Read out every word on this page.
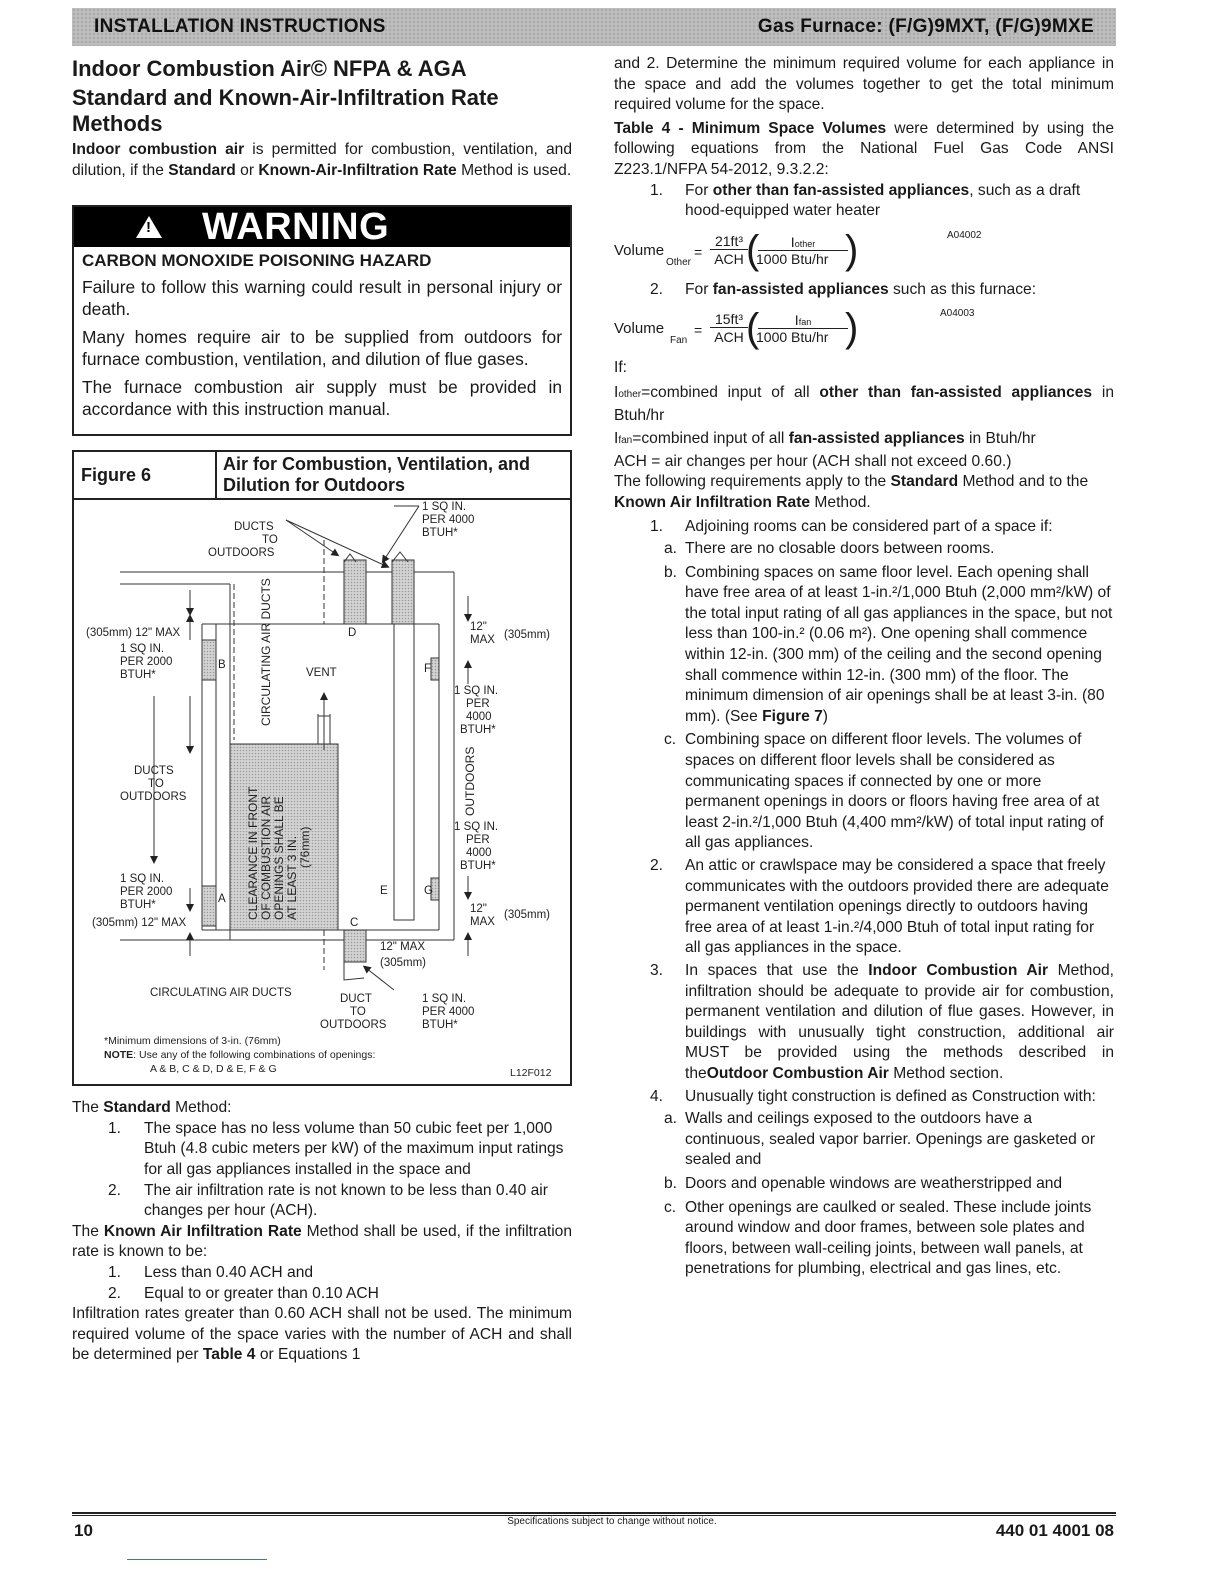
INSTALLATION INSTRUCTIONS	Gas Furnace: (F/G)9MXT, (F/G)9MXE
Indoor Combustion Air© NFPA & AGA
Standard and Known-Air-Infiltration Rate Methods

Indoor combustion air is permitted for combustion, ventilation, and dilution, if the Standard or Known-Air-Infiltration Rate Method is used.

!
WARNING
CARBON MONOXIDE POISONING HAZARD

Failure to follow this warning could result in personal injury or death.

Many homes require air to be supplied from outdoors for furnace combustion, ventilation, and dilution of flue gases.

The furnace combustion air supply must be provided in accordance with this instruction manual.

Figure 6
Air for Combustion, Ventilation, and Dilution for Outdoors
DUCTS
TO
OUTDOORS
1 SQ IN.
PER 4000
BTUH*
(305mm) 12" MAX
1 SQ IN.
PER 2000
BTUH*
B
VENT
D
F
12"
MAX (305mm)
1 SQ IN.
PER
4000
BTUH*
DUCTS
TO
OUTDOORS
1 SQ IN.
PER
4000
BTUH*
1 SQ IN.
PER 2000
BTUH*	A
E	G
(305mm) 12" MAX	C
12"
MAX
(305mm)
12" MAX
(305mm)
CIRCULATING AIR DUCTS	DUCT
TO
OUTDOORS
1 SQ IN.
PER 4000
BTUH*
CIRCULATING AIR DUCTS
CLEARANCE IN FRONT OF COMBUSTION AIR OPENINGS SHALL BE AT LEAST 3 IN. (76mm)
OUTDOORS
*Minimum dimensions of 3-in. (76mm)
NOTE: Use any of the following combinations of openings:
A & B, C & D, D & E, F & G	L12F012

The Standard Method:

1. The space has no less volume than 50 cubic feet per 1,000 Btuh (4.8 cubic meters per kW) of the maximum input ratings for all gas appliances installed in the space and
2. The air infiltration rate is not known to be less than 0.40 air changes per hour (ACH).

The Known Air Infiltration Rate Method shall be used, if the infiltration rate is known to be:

1. Less than 0.40 ACH and
2. Equal to or greater than 0.10 ACH

Infiltration rates greater than 0.60 ACH shall not be used. The minimum required volume of the space varies with the number of ACH and shall be determined per Table 4 or Equations 1

and 2. Determine the minimum required volume for each appliance in the space and add the volumes together to get the total minimum required volume for the space.

Table 4 - Minimum Space Volumes were determined by using the following equations from the National Fuel Gas Code ANSI Z223.1/NFPA 54-2012, 9.3.2.2:

1. For other than fan-assisted appliances, such as a draft hood-equipped water heater
Volume
Other
=
21ft³
ACH (	Iother
1000 Btu/hr )	A04002
2. For fan-assisted appliances such as this furnace:
Volume
Fan
=
15ft³
ACH (	Ifan
1000 Btu/hr )	A04003

If:

Iother=combined input of all other than fan-assisted appliances in Btuh/hr

Ifan=combined input of all fan-assisted appliances in Btuh/hr

ACH = air changes per hour (ACH shall not exceed 0.60.)

The following requirements apply to the Standard Method and to the Known Air Infiltration Rate Method.

1. Adjoining rooms can be considered part of a space if:
a. There are no closable doors between rooms.
b. Combining spaces on same floor level. Each opening shall have free area of at least 1-in.²/1,000 Btuh (2,000 mm²/kW) of the total input rating of all gas appliances in the space, but not less than 100-in.² (0.06 m²). One opening shall commence within 12-in. (300 mm) of the ceiling and the second opening shall commence within 12-in. (300 mm) of the floor. The minimum dimension of air openings shall be at least 3-in. (80 mm). (See Figure 7)
c. Combining space on different floor levels. The volumes of spaces on different floor levels shall be considered as communicating spaces if connected by one or more permanent openings in doors or floors having free area of at least 2-in.²/1,000 Btuh (4,400 mm²/kW) of total input rating of all gas appliances.
2. An attic or crawlspace may be considered a space that freely communicates with the outdoors provided there are adequate permanent ventilation openings directly to outdoors having free area of at least 1-in.²/4,000 Btuh of total input rating for all gas appliances in the space.
3. In spaces that use the Indoor Combustion Air Method, infiltration should be adequate to provide air for combustion, permanent ventilation and dilution of flue gases. However, in buildings with unusually tight construction, additional air MUST be provided using the methods described in theOutdoor Combustion Air Method section.
4. Unusually tight construction is defined as Construction with:
a. Walls and ceilings exposed to the outdoors have a continuous, sealed vapor barrier. Openings are gasketed or sealed and
b. Doors and openable windows are weatherstripped and
c. Other openings are caulked or sealed. These include joints around window and door frames, between sole plates and floors, between wall-ceiling joints, between wall panels, at penetrations for plumbing, electrical and gas lines, etc.
10	Specifications subject to change without notice.	440 01 4001 08
